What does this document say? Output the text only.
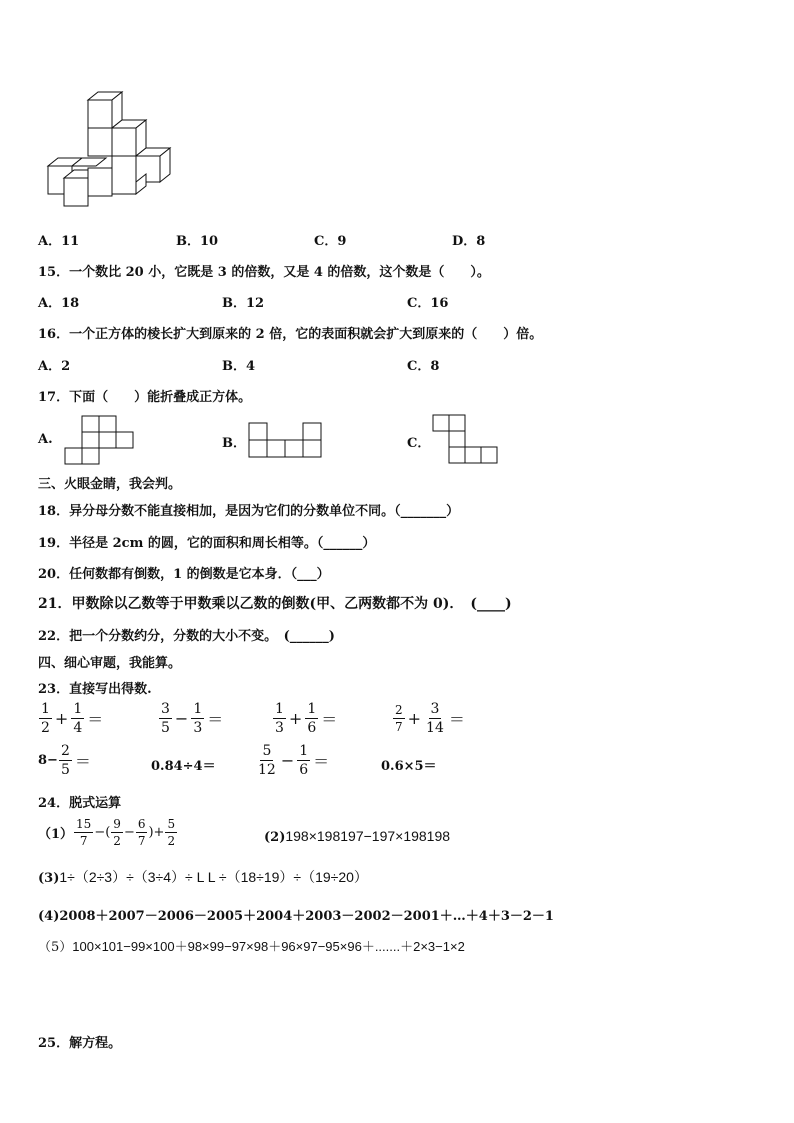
A．11	B．10	C．9	D．8
15．一个数比 20 小，它既是 3 的倍数，又是 4 的倍数，这个数是（　　）。
A．18	B．12	C．16
16．一个正方体的棱长扩大到原来的 2 倍，它的表面积就会扩大到原来的（　　）倍。
A．2	B．4	C．8
17．下面（　　）能折叠成正方体。
A.	B．	C．
三、火眼金睛，我会判。
18．异分母分数不能直接相加，是因为它们的分数单位不同。（_______）
19．半径是 2cm 的圆，它的面积和周长相等。（______）
20．任何数都有倒数，1 的倒数是它本身．（___）
21．甲数除以乙数等于甲数乘以乙数的倒数(甲、乙两数都不为 0)．　(____)
22．把一个分数约分，分数的大小不变。　(______)
四、细心审题，我能算。
23．直接写出得数.
$\frac{1}{2} + \frac{1}{4}$ ＝	$\frac{3}{5} - \frac{1}{3}$ ＝	$\frac{1}{3} + \frac{1}{6}$ ＝	$\frac{2}{7} + \frac{3}{14}$ ＝
$8- \frac{2}{5}$ ＝	0.84÷4＝	$\frac{5}{12} - \frac{1}{6}$ ＝	0.6×5＝
24．脱式运算
$(1) \frac{15}{7}$ −( $\frac{9}{2} - \frac{6}{7}$ )+ $\frac{5}{2}$	(2)198×198197−197×198198
(3)1÷（2÷3）÷（3÷4）÷ L L ÷（18÷19）÷（19÷20）
(4)2008＋2007－2006－2005＋2004＋2003－2002－2001＋…＋4＋3－2－1
（5）100×101−99×100＋98×99−97×98＋96×97−95×96＋.......＋2×3−1×2
25．解方程。
